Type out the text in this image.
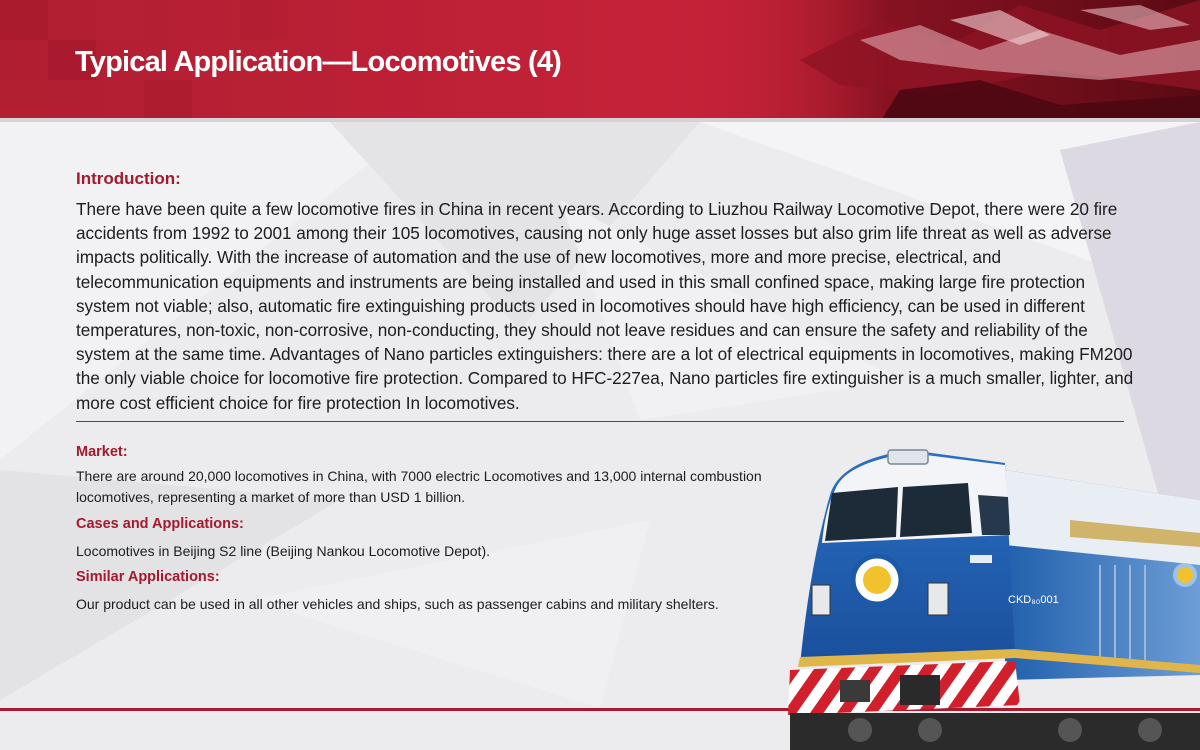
Typical Application—Locomotives (4)
Introduction:

There have been quite a few locomotive fires in China in recent years. According to Liuzhou Railway Locomotive Depot, there were 20 fire accidents from 1992 to 2001 among their 105 locomotives, causing not only huge asset losses but also grim life threat as well as adverse impacts politically. With the increase of automation and the use of new locomotives, more and more precise, electrical, and telecommunication equipments and instruments are being installed and used in this small confined space, making large fire protection system not viable; also, automatic fire extinguishing products used in locomotives should have high efficiency, can be used in different temperatures, non-toxic, non-corrosive, non-conducting, they should not leave residues and can ensure the safety and reliability of the system at the same time. Advantages of Nano particles extinguishers: there are a lot of electrical equipments in locomotives, making FM200 the only viable choice for locomotive fire protection. Compared to HFC-227ea, Nano particles fire extinguisher is a much smaller, lighter, and more cost efficient choice for fire protection In locomotives.

Market:

There are around 20,000 locomotives in China, with 7000 electric Locomotives and 13,000 internal combustion locomotives, representing a market of more than USD 1 billion.

Cases and Applications:

Locomotives in Beijing S2 line (Beijing Nankou Locomotive Depot).

Similar Applications:

Our product can be used in all other vehicles and ships, such as passenger cabins and military shelters.	CKD₈₀001
